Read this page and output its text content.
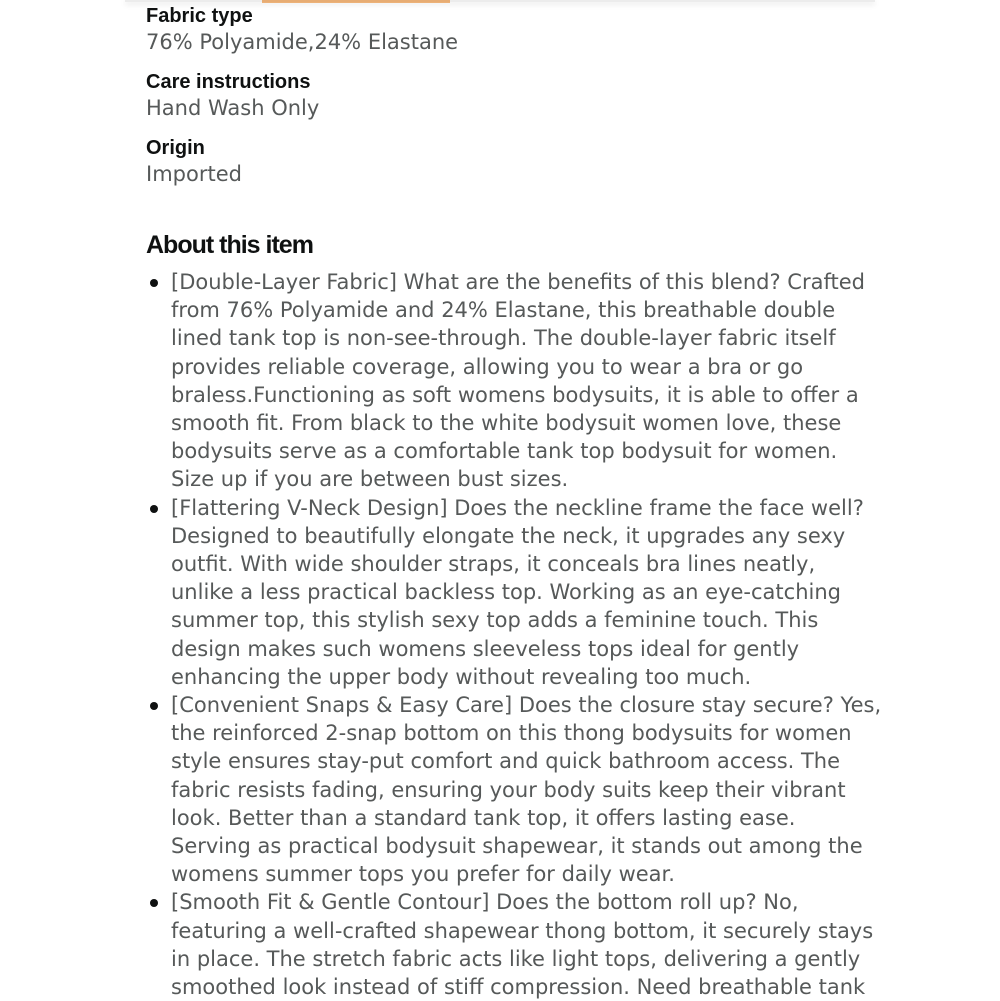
Fabric type
76% Polyamide,24% Elastane
Care instructions
Hand Wash Only
Origin
Imported
About this item
[Double-Layer Fabric] What are the benefits of this blend? Crafted
from 76% Polyamide and 24% Elastane, this breathable double
lined tank top is non-see-through. The double-layer fabric itself
provides reliable coverage, allowing you to wear a bra or go
braless.Functioning as soft womens bodysuits, it is able to offer a
smooth fit. From black to the white bodysuit women love, these
bodysuits serve as a comfortable tank top bodysuit for women.
Size up if you are between bust sizes.
[Flattering V-Neck Design] Does the neckline frame the face well?
Designed to beautifully elongate the neck, it upgrades any sexy
outfit. With wide shoulder straps, it conceals bra lines neatly,
unlike a less practical backless top. Working as an eye-catching
summer top, this stylish sexy top adds a feminine touch. This
design makes such womens sleeveless tops ideal for gently
enhancing the upper body without revealing too much.
[Convenient Snaps & Easy Care] Does the closure stay secure? Yes,
the reinforced 2-snap bottom on this thong bodysuits for women
style ensures stay-put comfort and quick bathroom access. The
fabric resists fading, ensuring your body suits keep their vibrant
look. Better than a standard tank top, it offers lasting ease.
Serving as practical bodysuit shapewear, it stands out among the
womens summer tops you prefer for daily wear.
[Smooth Fit & Gentle Contour] Does the bottom roll up? No,
featuring a well-crafted shapewear thong bottom, it securely stays
in place. The stretch fabric acts like light tops, delivering a gently
smoothed look instead of stiff compression. Need breathable tank
